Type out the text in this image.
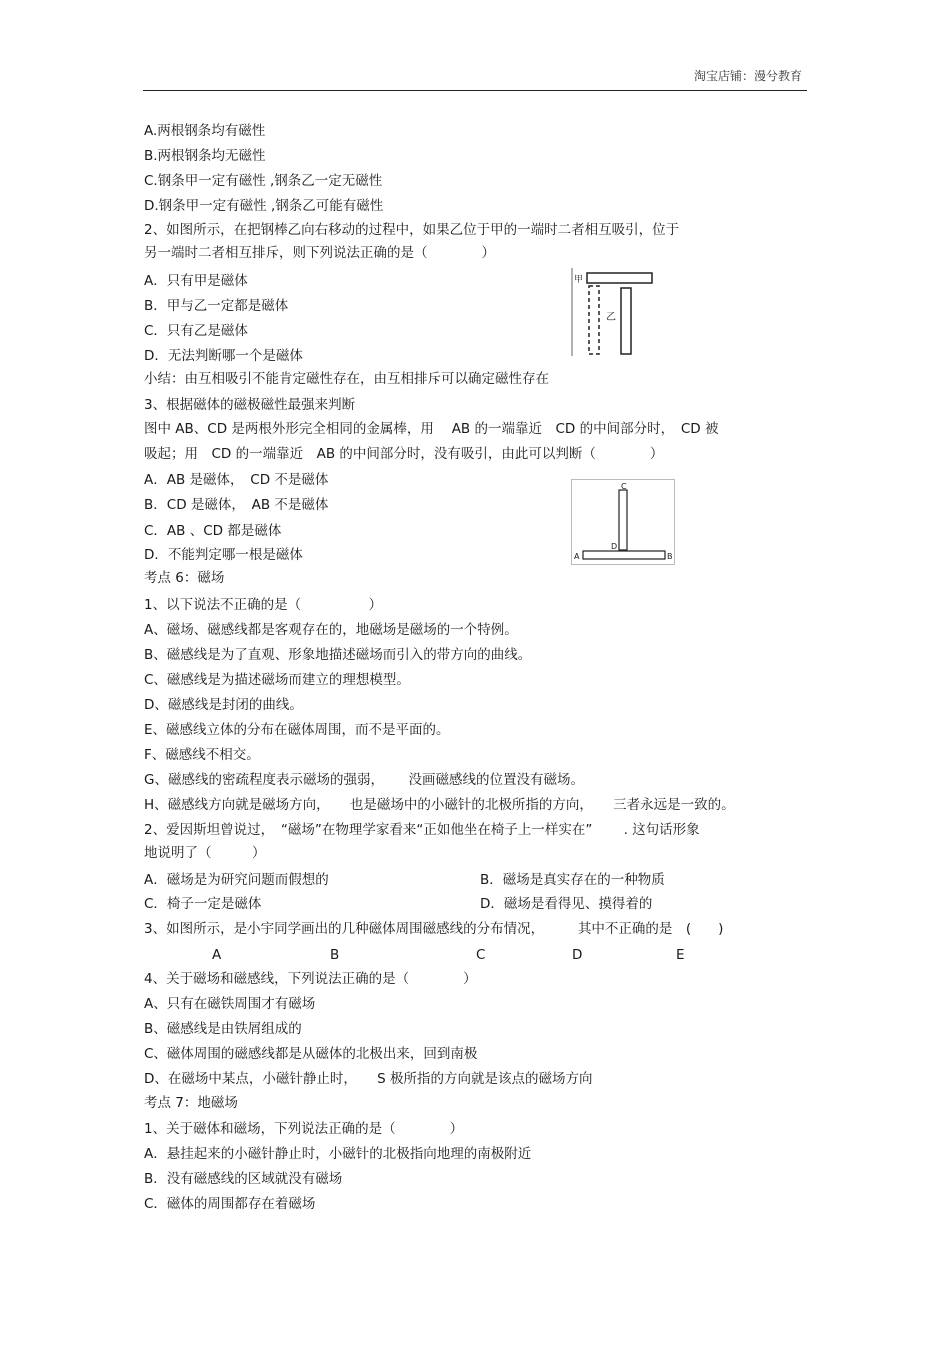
淘宝店铺：漫兮教育
A.两根钢条均有磁性
B.两根钢条均无磁性
C.钢条甲一定有磁性 ,钢条乙一定无磁性
D.钢条甲一定有磁性 ,钢条乙可能有磁性
2、如图所示，在把钢棒乙向右移动的过程中，如果乙位于甲的一端时二者相互吸引，位于
另一端时二者相互排斥，则下列说法正确的是（　　　　）
A．只有甲是磁体
B．甲与乙一定都是磁体
C．只有乙是磁体
D．无法判断哪一个是磁体
小结：由互相吸引不能肯定磁性存在，由互相排斥可以确定磁性存在
甲
乙
3、根据磁体的磁极磁性最强来判断
图中 AB、CD 是两根外形完全相同的金属棒，用　 AB 的一端靠近　CD 的中间部分时，　CD 被
吸起；用　CD 的一端靠近　AB 的中间部分时，没有吸引，由此可以判断（　　　　）
A．AB 是磁体，　CD 不是磁体
B．CD 是磁体，　AB 不是磁体
C．AB 、CD 都是磁体
D．不能判定哪一根是磁体
C
D
A	B
考点 6：磁场
1、以下说法不正确的是（　　　　　）
A、磁场、磁感线都是客观存在的，地磁场是磁场的一个特例。
B、磁感线是为了直观、形象地描述磁场而引入的带方向的曲线。
C、磁感线是为描述磁场而建立的理想模型。
D、磁感线是封闭的曲线。
E、磁感线立体的分布在磁体周围，而不是平面的。
F、磁感线不相交。
G、磁感线的密疏程度表示磁场的强弱，　　 没画磁感线的位置没有磁场。
H、磁感线方向就是磁场方向，　　也是磁场中的小磁针的北极所指的方向，　　三者永远是一致的。
2、爱因斯坦曾说过，　“磁场”在物理学家看来“正如他坐在椅子上一样实在”　　 . 这句话形象
地说明了（　　　）
A．磁场是为研究问题而假想的	B．磁场是真实存在的一种物质
C．椅子一定是磁体	D．磁场是看得见、摸得着的
3、如图所示，是小宇同学画出的几种磁体周围磁感线的分布情况，　　　其中不正确的是　(　　)
A	B	C	D	E
4、关于磁场和磁感线，下列说法正确的是（　　　　）
A、只有在磁铁周围才有磁场
B、磁感线是由铁屑组成的
C、磁体周围的磁感线都是从磁体的北极出来，回到南极
D、在磁场中某点，小磁针静止时，　　S 极所指的方向就是该点的磁场方向
考点 7：地磁场
1、关于磁体和磁场，下列说法正确的是（　　　　）
A．悬挂起来的小磁针静止时，小磁针的北极指向地理的南极附近
B．没有磁感线的区域就没有磁场
C．磁体的周围都存在着磁场
